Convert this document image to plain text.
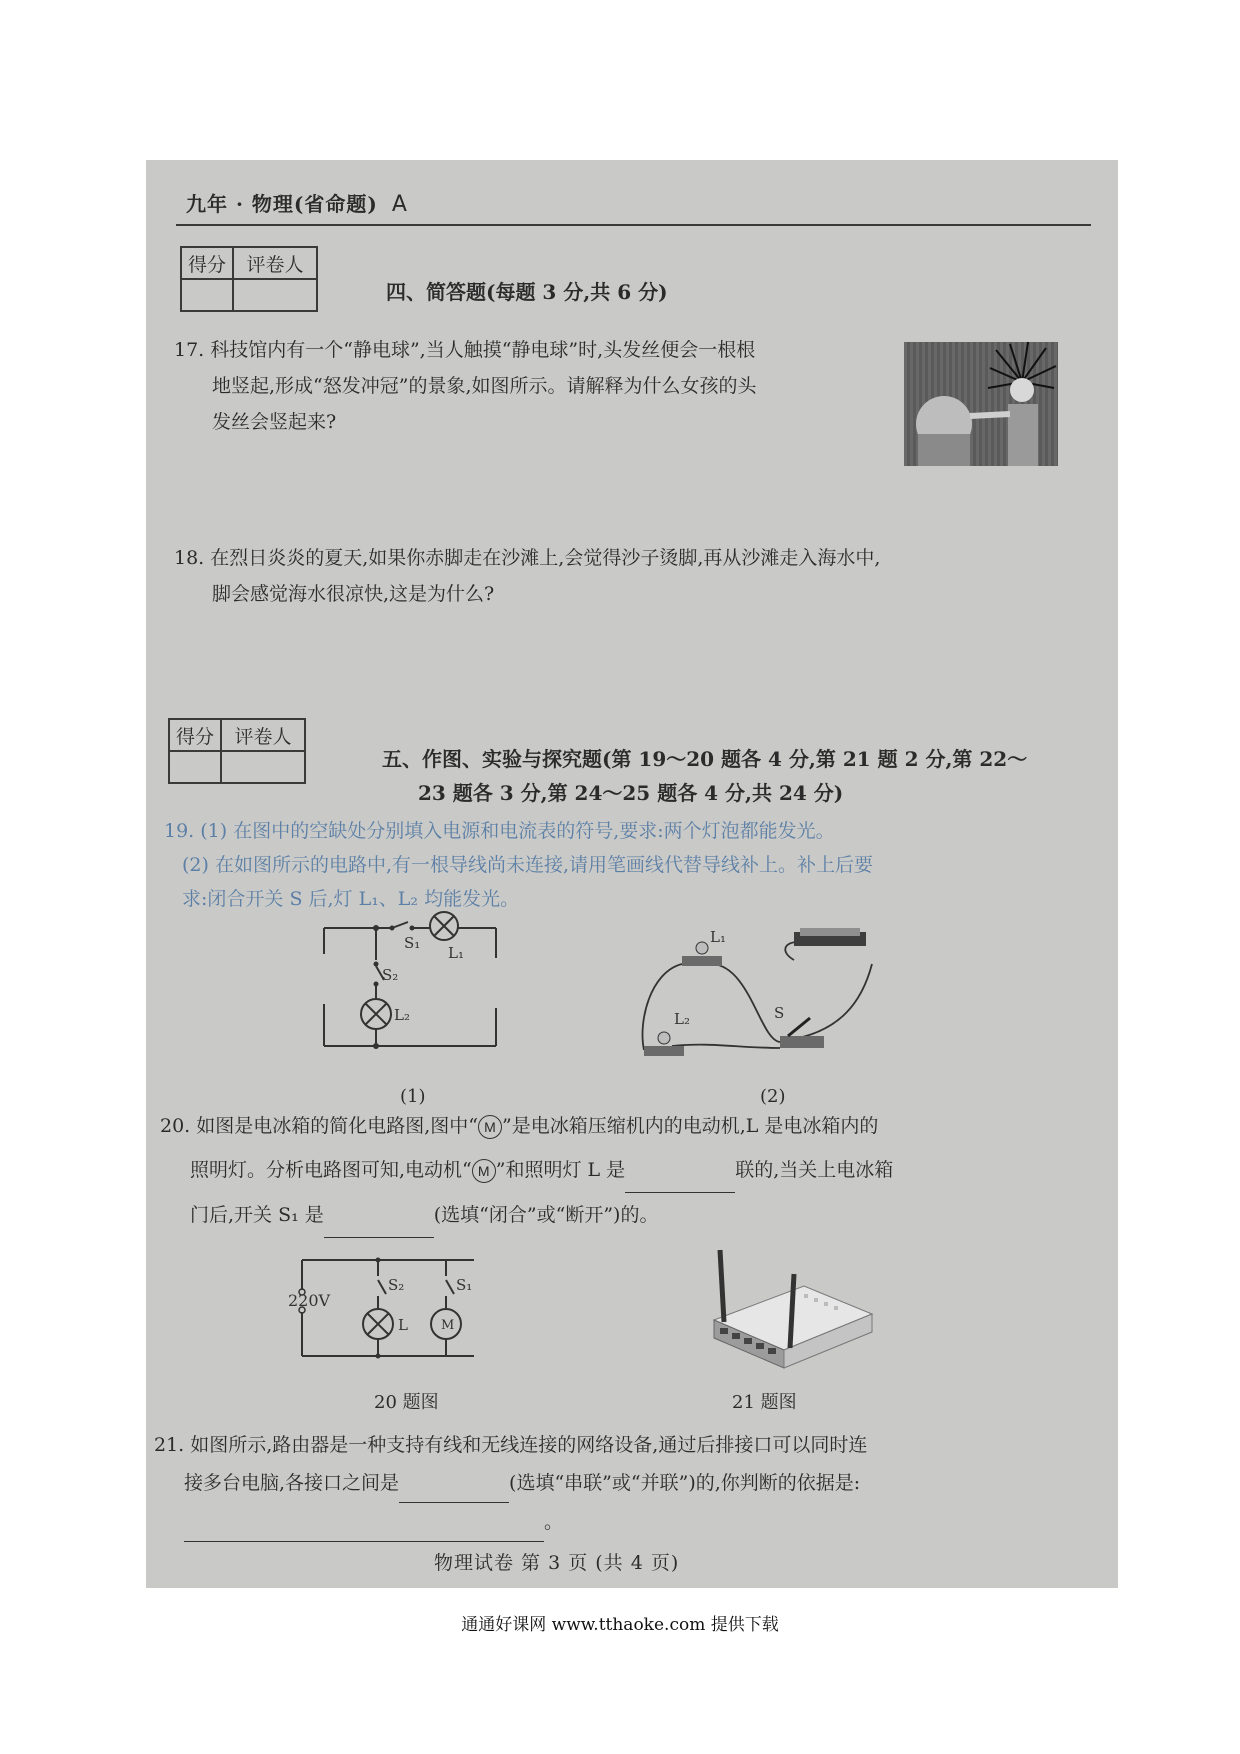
九年 · 物理(省命题) A
得分	评卷人

四、简答题(每题 3 分,共 6 分)
17. 科技馆内有一个“静电球”,当人触摸“静电球”时,头发丝便会一根根
地竖起,形成“怒发冲冠”的景象,如图所示。请解释为什么女孩的头
发丝会竖起来?
18. 在烈日炎炎的夏天,如果你赤脚走在沙滩上,会觉得沙子烫脚,再从沙滩走入海水中,
脚会感觉海水很凉快,这是为什么?
得分	评卷人

五、作图、实验与探究题(第 19～20 题各 4 分,第 21 题 2 分,第 22～
23 题各 3 分,第 24～25 题各 4 分,共 24 分)
19. (1) 在图中的空缺处分别填入电源和电流表的符号,要求:两个灯泡都能发光。
(2) 在如图所示的电路中,有一根导线尚未连接,请用笔画线代替导线补上。补上后要
求:闭合开关 S 后,灯 L₁、L₂ 均能发光。
S₁
L₁
S₂
L₂
(1)
L₁
L₂	S
(2)
20. 如图是电冰箱的简化电路图,图中“ M ”是电冰箱压缩机内的电动机,L 是电冰箱内的
照明灯。分析电路图可知,电动机“ M ”和照明灯 L 是	联的,当关上电冰箱
门后,开关 S₁ 是	(选填“闭合”或“断开”)的。
S₂	S₁
220V
L	M
20 题图	21 题图
21. 如图所示,路由器是一种支持有线和无线连接的网络设备,通过后排接口可以同时连
接多台电脑,各接口之间是	(选填“串联”或“并联”)的,你判断的依据是:
。
物理试卷 第 3 页 (共 4 页)
通通好课网 www.tthaoke.com 提供下载
